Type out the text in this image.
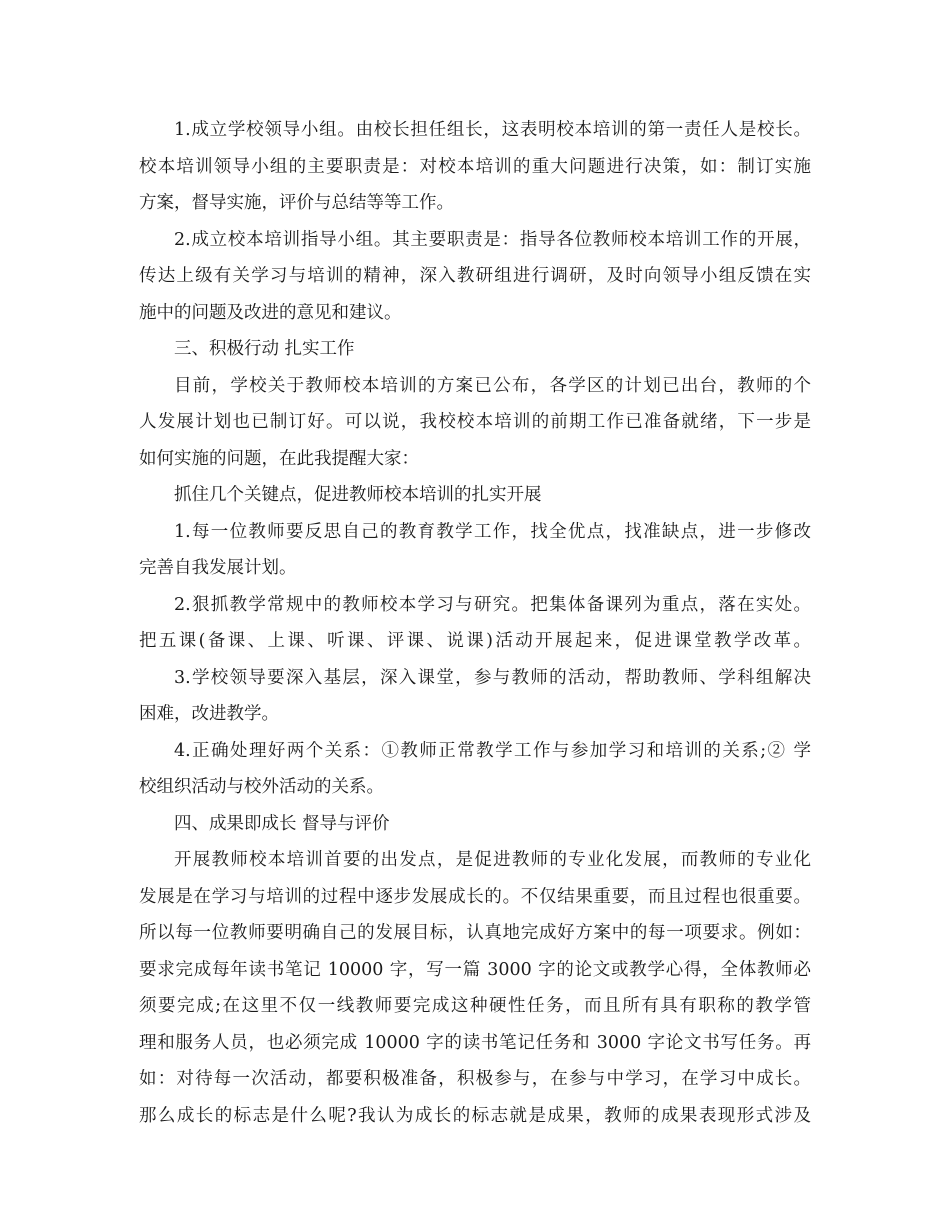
1.成立学校领导小组。由校长担任组长，这表明校本培训的第一责任人是校长。
校本培训领导小组的主要职责是：对校本培训的重大问题进行决策，如：制订实施
方案，督导实施，评价与总结等等工作。
2.成立校本培训指导小组。其主要职责是：指导各位教师校本培训工作的开展，
传达上级有关学习与培训的精神，深入教研组进行调研，及时向领导小组反馈在实
施中的问题及改进的意见和建议。
三、积极行动 扎实工作
目前，学校关于教师校本培训的方案已公布，各学区的计划已出台，教师的个
人发展计划也已制订好。可以说，我校校本培训的前期工作已准备就绪，下一步是
如何实施的问题，在此我提醒大家：
抓住几个关键点，促进教师校本培训的扎实开展
1.每一位教师要反思自己的教育教学工作，找全优点，找准缺点，进一步修改
完善自我发展计划。
2.狠抓教学常规中的教师校本学习与研究。把集体备课列为重点，落在实处。
把五课(备课、上课、听课、评课、说课)活动开展起来，促进课堂教学改革。
3.学校领导要深入基层，深入课堂，参与教师的活动，帮助教师、学科组解决
困难，改进教学。
4.正确处理好两个关系：①教师正常教学工作与参加学习和培训的关系;② 学
校组织活动与校外活动的关系。
四、成果即成长 督导与评价
开展教师校本培训首要的出发点，是促进教师的专业化发展，而教师的专业化
发展是在学习与培训的过程中逐步发展成长的。不仅结果重要，而且过程也很重要。
所以每一位教师要明确自己的发展目标，认真地完成好方案中的每一项要求。例如：
要求完成每年读书笔记 10000 字，写一篇 3000 字的论文或教学心得，全体教师必
须要完成;在这里不仅一线教师要完成这种硬性任务，而且所有具有职称的教学管
理和服务人员，也必须完成 10000 字的读书笔记任务和 3000 字论文书写任务。再
如：对待每一次活动，都要积极准备，积极参与，在参与中学习，在学习中成长。
那么成长的标志是什么呢?我认为成长的标志就是成果，教师的成果表现形式涉及
